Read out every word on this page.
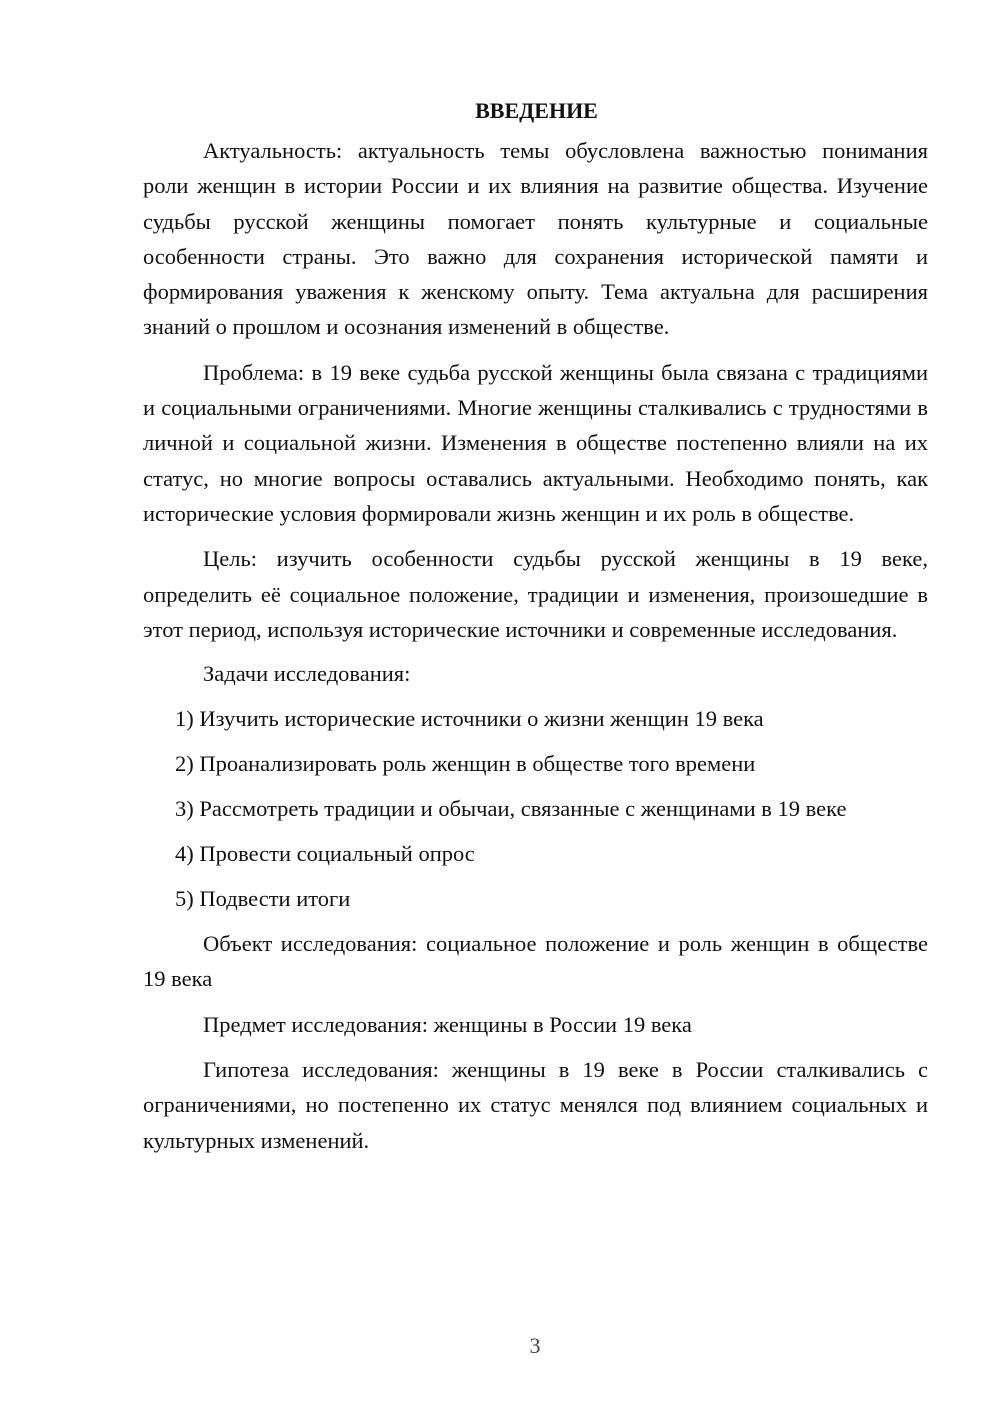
ВВЕДЕНИЕ

Актуальность: актуальность темы обусловлена важностью понимания роли женщин в истории России и их влияния на развитие общества. Изучение судьбы русской женщины помогает понять культурные и социальные особенности страны. Это важно для сохранения исторической памяти и формирования уважения к женскому опыту. Тема актуальна для расширения знаний о прошлом и осознания изменений в обществе.

Проблема: в 19 веке судьба русской женщины была связана с традициями и социальными ограничениями. Многие женщины сталкивались с трудностями в личной и социальной жизни. Изменения в обществе постепенно влияли на их статус, но многие вопросы оставались актуальными. Необходимо понять, как исторические условия формировали жизнь женщин и их роль в обществе.

Цель: изучить особенности судьбы русской женщины в 19 веке, определить её социальное положение, традиции и изменения, произошедшие в этот период, используя исторические источники и современные исследования.

Задачи исследования:

1) Изучить исторические источники о жизни женщин 19 века
2) Проанализировать роль женщин в обществе того времени
3) Рассмотреть традиции и обычаи, связанные с женщинами в 19 веке
4) Провести социальный опрос
5) Подвести итоги

Объект исследования: социальное положение и роль женщин в обществе 19 века

Предмет исследования: женщины в России 19 века

Гипотеза исследования: женщины в 19 веке в России сталкивались с ограничениями, но постепенно их статус менялся под влиянием социальных и культурных изменений.

3
